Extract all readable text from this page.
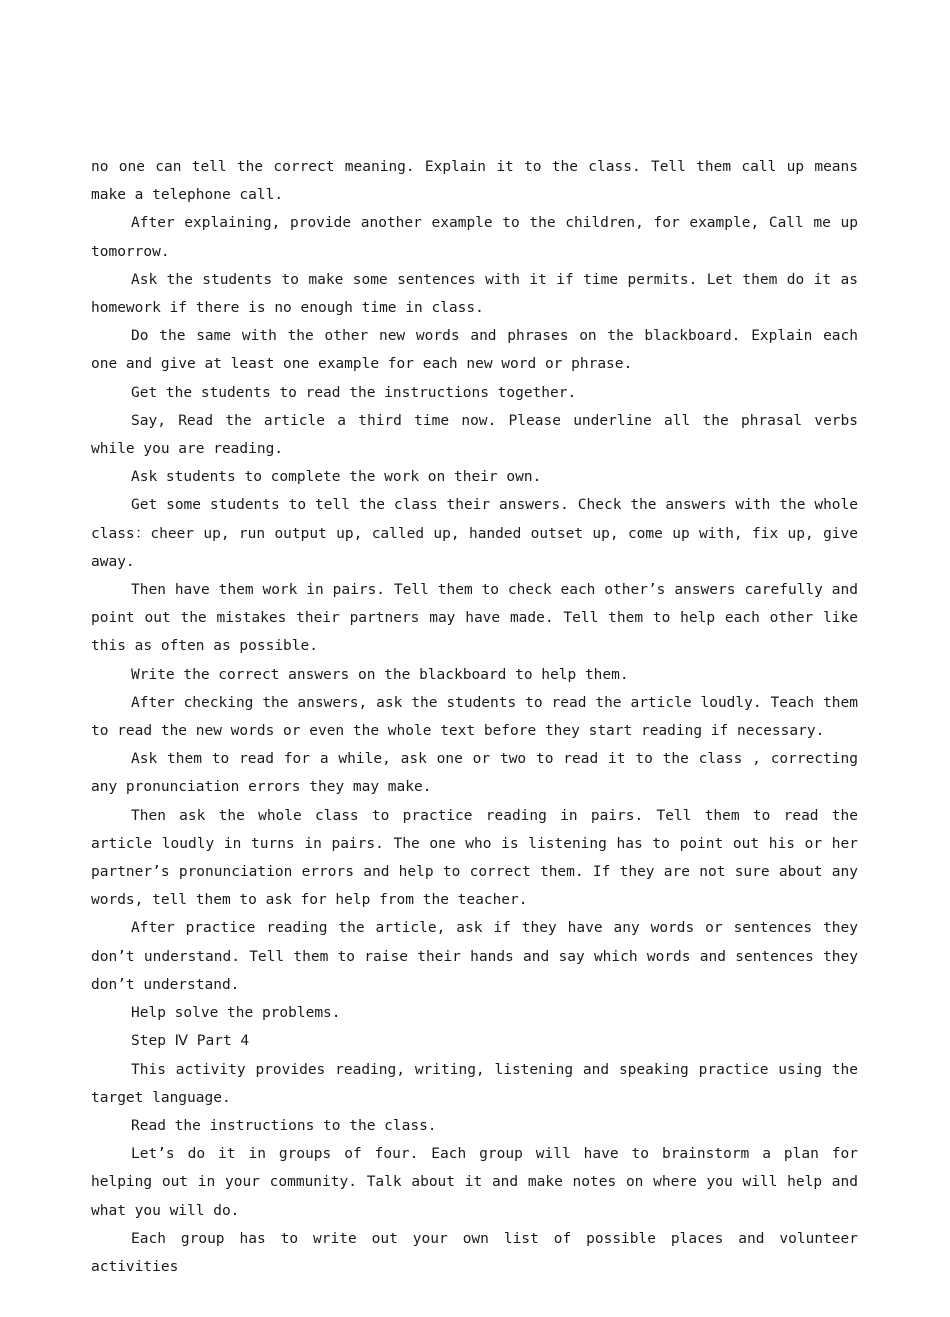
no one can tell the correct meaning. Explain it to the class. Tell them call up means make a telephone call.

After explaining, provide another example to the children, for example, Call me up tomorrow.

Ask the students to make some sentences with it if time permits. Let them do it as homework if there is no enough time in class.

Do the same with the other new words and phrases on the blackboard. Explain each one and give at least one example for each new word or phrase.

Get the students to read the instructions together.

Say, Read the article a third time now. Please underline all the phrasal verbs while you are reading.

Ask students to complete the work on their own.

Get some students to tell the class their answers. Check the answers with the whole class：cheer up, run output up, called up, handed outset up, come up with, fix up, give away.

Then have them work in pairs. Tell them to check each other’s answers carefully and point out the mistakes their partners may have made. Tell them to help each other like this as often as possible.

Write the correct answers on the blackboard to help them.

After checking the answers, ask the students to read the article loudly. Teach them to read the new words or even the whole text before they start reading if necessary.

Ask them to read for a while, ask one or two to read it to the class , correcting any pronunciation errors they may make.

Then ask the whole class to practice reading in pairs. Tell them to read the article loudly in turns in pairs. The one who is listening has to point out his or her partner’s pronunciation errors and help to correct them. If they are not sure about any words, tell them to ask for help from the teacher.

After practice reading the article, ask if they have any words or sentences they don’t understand. Tell them to raise their hands and say which words and sentences they don’t understand.

Help solve the problems.

Step Ⅳ Part 4

This activity provides reading, writing, listening and speaking practice using the target language.

Read the instructions to the class.

Let’s do it in groups of four. Each group will have to brainstorm a plan for helping out in your community. Talk about it and make notes on where you will help and what you will do.

Each group has to write out your own list of possible places and volunteer activities
